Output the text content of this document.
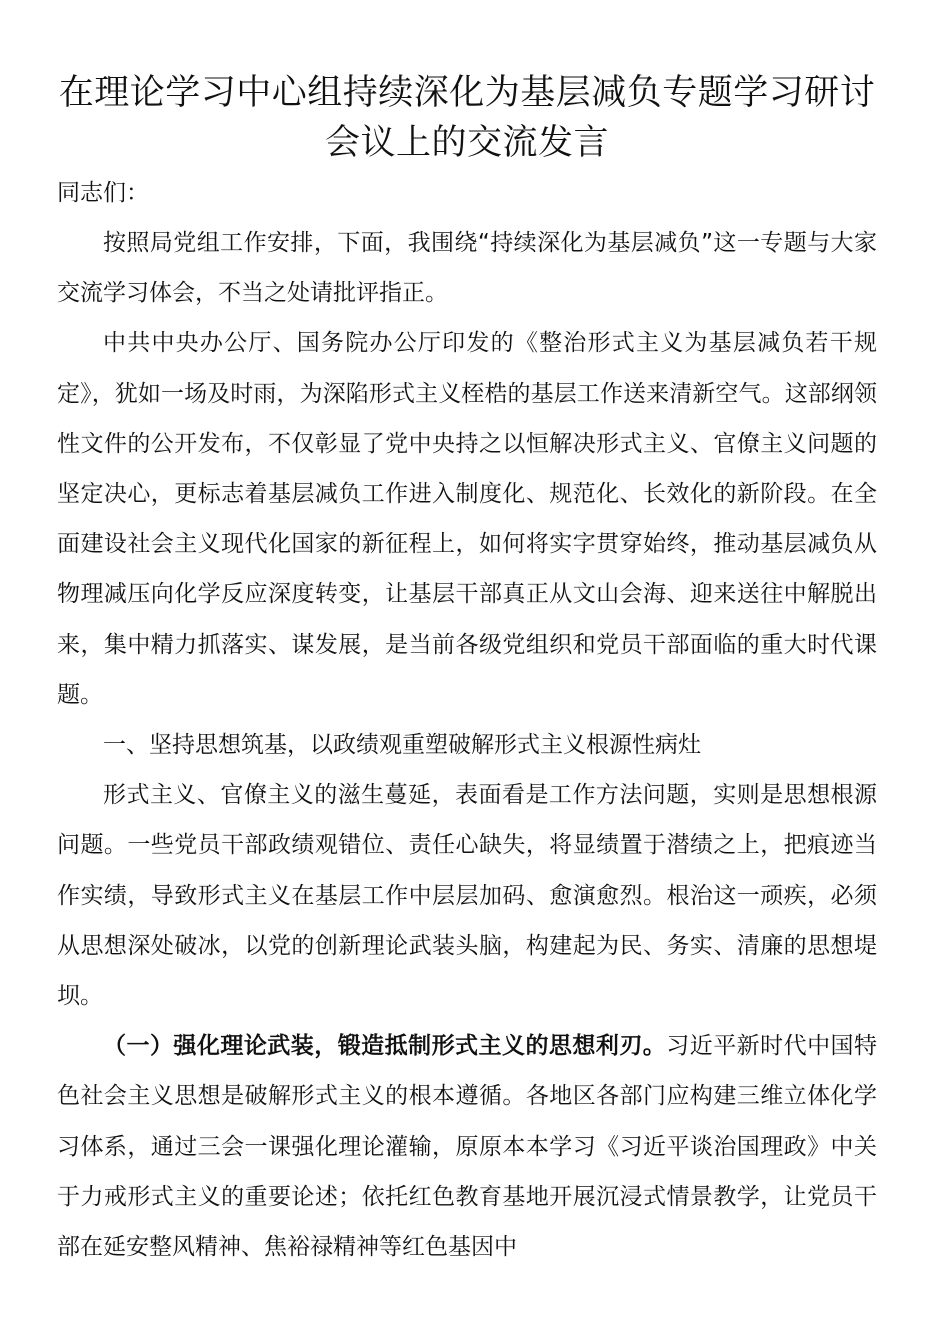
在理论学习中心组持续深化为基层减负专题学习研讨会议上的交流发言

同志们：

按照局党组工作安排，下面，我围绕“持续深化为基层减负”这一专题与大家交流学习体会，不当之处请批评指正。

中共中央办公厅、国务院办公厅印发的《整治形式主义为基层减负若干规定》，犹如一场及时雨，为深陷形式主义桎梏的基层工作送来清新空气。这部纲领性文件的公开发布，不仅彰显了党中央持之以恒解决形式主义、官僚主义问题的坚定决心，更标志着基层减负工作进入制度化、规范化、长效化的新阶段。在全面建设社会主义现代化国家的新征程上，如何将实字贯穿始终，推动基层减负从物理减压向化学反应深度转变，让基层干部真正从文山会海、迎来送往中解脱出来，集中精力抓落实、谋发展，是当前各级党组织和党员干部面临的重大时代课题。

一、坚持思想筑基，以政绩观重塑破解形式主义根源性病灶

形式主义、官僚主义的滋生蔓延，表面看是工作方法问题，实则是思想根源问题。一些党员干部政绩观错位、责任心缺失，将显绩置于潜绩之上，把痕迹当作实绩，导致形式主义在基层工作中层层加码、愈演愈烈。根治这一顽疾，必须从思想深处破冰，以党的创新理论武装头脑，构建起为民、务实、清廉的思想堤坝。

（一）强化理论武装，锻造抵制形式主义的思想利刃。习近平新时代中国特色社会主义思想是破解形式主义的根本遵循。各地区各部门应构建三维立体化学习体系，通过三会一课强化理论灌输，原原本本学习《习近平谈治国理政》中关于力戒形式主义的重要论述；依托红色教育基地开展沉浸式情景教学，让党员干部在延安整风精神、焦裕禄精神等红色基因中
